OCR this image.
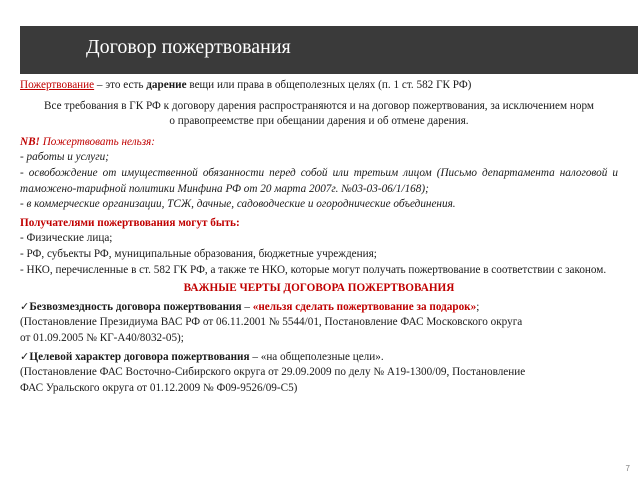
Договор пожертвования

Пожертвование – это есть дарение вещи или права в общеполезных целях (п. 1 ст. 582 ГК РФ)

Все требования в ГК РФ к договору дарения распространяются и на договор пожертвования, за исключением норм о правопреемстве при обещании дарения и об отмене дарения.

NB! Пожертвовать нельзя:

- работы и услуги;

- освобождение от имущественной обязанности перед собой или третьим лицом (Письмо департамента налоговой и таможено-тарифной политики Минфина РФ от 20 марта 2007г. №03-03-06/1/168);

- в коммерческие организации, ТСЖ, дачные, садоводческие и огороднические объединения.

Получателями пожертвования могут быть:

- Физические лица;

- РФ, субъекты РФ, муниципальные образования, бюджетные учреждения;

- НКО, перечисленные в ст. 582 ГК РФ, а также те НКО, которые могут получать пожертвование в соответствии с законом.

ВАЖНЫЕ ЧЕРТЫ ДОГОВОРА ПОЖЕРТВОВАНИЯ

✓Безвозмездность договора пожертвования – «нельзя сделать пожертвование за подарок»;

(Постановление Президиума ВАС РФ от 06.11.2001 № 5544/01, Постановление ФАС Московского округа

от 01.09.2005 № КГ-А40/8032-05);

✓Целевой характер договора пожертвования – «на общеполезные цели».

(Постановление ФАС Восточно-Сибирского округа от 29.09.2009 по делу № А19-1300/09, Постановление

ФАС Уральского округа от 01.12.2009 № Ф09-9526/09-С5)

7
